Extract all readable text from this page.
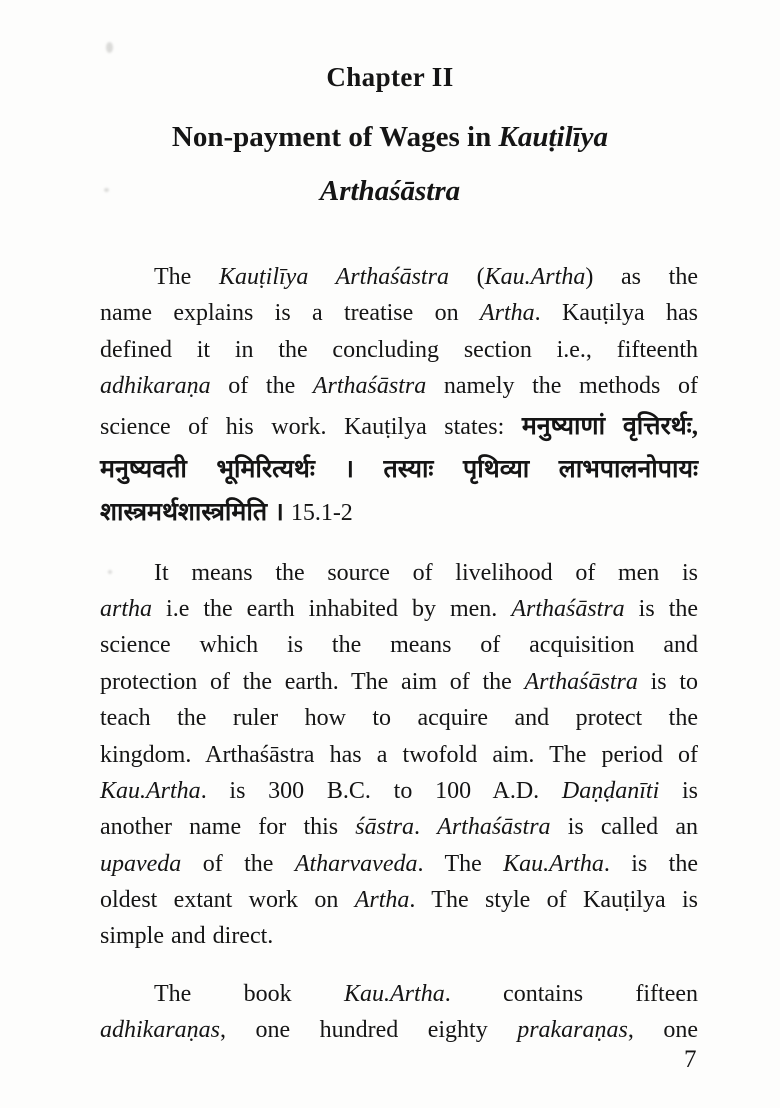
Chapter II
Non-payment of Wages in Kauṭilīya
Arthaśāstra
The Kauṭilīya Arthaśāstra (Kau.Artha) as the
name explains is a treatise on Artha. Kauṭilya has
defined it in the concluding section i.e., fifteenth
adhikaraṇa of the Arthaśāstra namely the methods of
science of his work. Kauṭilya states: मनुष्याणां वृत्तिरर्थः,
मनुष्यवती भूमिरित्यर्थः । तस्याः पृथिव्या लाभपालनोपायः
शास्त्रमर्थशास्त्रमिति । 15.1-2
It means the source of livelihood of men is
artha i.e the earth inhabited by men. Arthaśāstra is the
science which is the means of acquisition and
protection of the earth. The aim of the Arthaśāstra is to
teach the ruler how to acquire and protect the
kingdom. Arthaśāstra has a twofold aim. The period of
Kau.Artha. is 300 B.C. to 100 A.D. Daṇḍanīti is
another name for this śāstra. Arthaśāstra is called an
upaveda of the Atharvaveda. The Kau.Artha. is the
oldest extant work on Artha. The style of Kauṭilya is
simple and direct.
The book Kau.Artha. contains fifteen
adhikaraṇas, one hundred eighty prakaraṇas, one
7
